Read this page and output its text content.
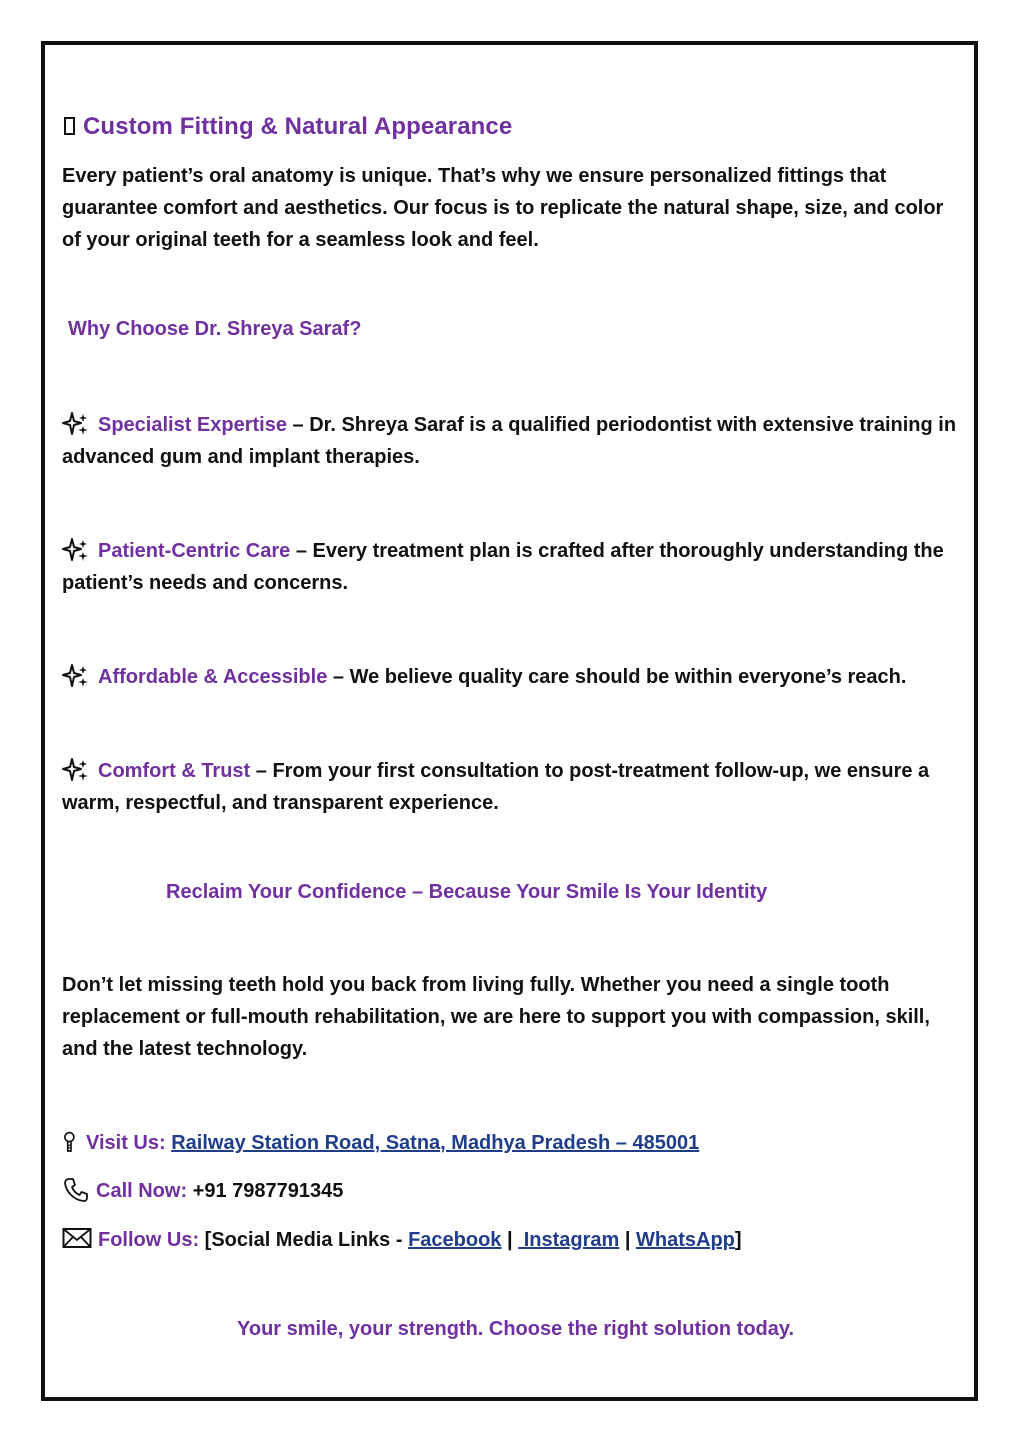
Custom Fitting & Natural Appearance
Every patient’s oral anatomy is unique. That’s why we ensure personalized fittings that guarantee comfort and aesthetics. Our focus is to replicate the natural shape, size, and color of your original teeth for a seamless look and feel.
Why Choose Dr. Shreya Saraf?
Specialist Expertise – Dr. Shreya Saraf is a qualified periodontist with extensive training in advanced gum and implant therapies.
Patient-Centric Care – Every treatment plan is crafted after thoroughly understanding the patient’s needs and concerns.
Affordable & Accessible – We believe quality care should be within everyone’s reach.
Comfort & Trust – From your first consultation to post-treatment follow-up, we ensure a warm, respectful, and transparent experience.
Reclaim Your Confidence – Because Your Smile Is Your Identity
Don’t let missing teeth hold you back from living fully. Whether you need a single tooth replacement or full-mouth rehabilitation, we are here to support you with compassion, skill, and the latest technology.
Visit Us: Railway Station Road, Satna, Madhya Pradesh – 485001
Call Now: +91 7987791345
Follow Us: [Social Media Links - Facebook |  Instagram | WhatsApp]
Your smile, your strength. Choose the right solution today.
